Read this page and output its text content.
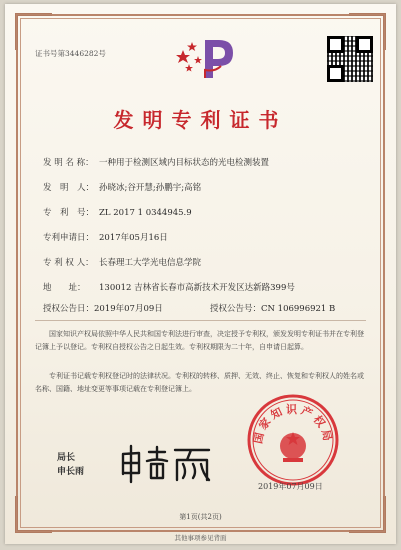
证书号第3446282号
发明专利证书
发 明 名 称： 一种用于检测区域内目标状态的光电检测装置
发　明　人： 孙晓冰;谷开慧;孙鹏宇;高铭
专　利　号： ZL 2017 1 0344945.9
专利申请日： 2017年05月16日
专 利 权 人： 长春理工大学光电信息学院
地　　址： 130012 吉林省长春市高新技术开发区达新路399号
授权公告日：2019年07月09日	授权公告号：CN 106996921 B
国家知识产权局依照中华人民共和国专利法进行审查，决定授予专利权，颁发发明专利证书并在专利登记簿上予以登记。专利权自授权公告之日起生效。专利权期限为二十年，自申请日起算。
专利证书记载专利权登记时的法律状况。专利权的转移、质押、无效、终止、恢复和专利权人的姓名或名称、国籍、地址变更等事项记载在专利登记簿上。
局长
申长雨
国家知识产权局
2019年07月09日
第1页(共2页)
其他事项参见背面
